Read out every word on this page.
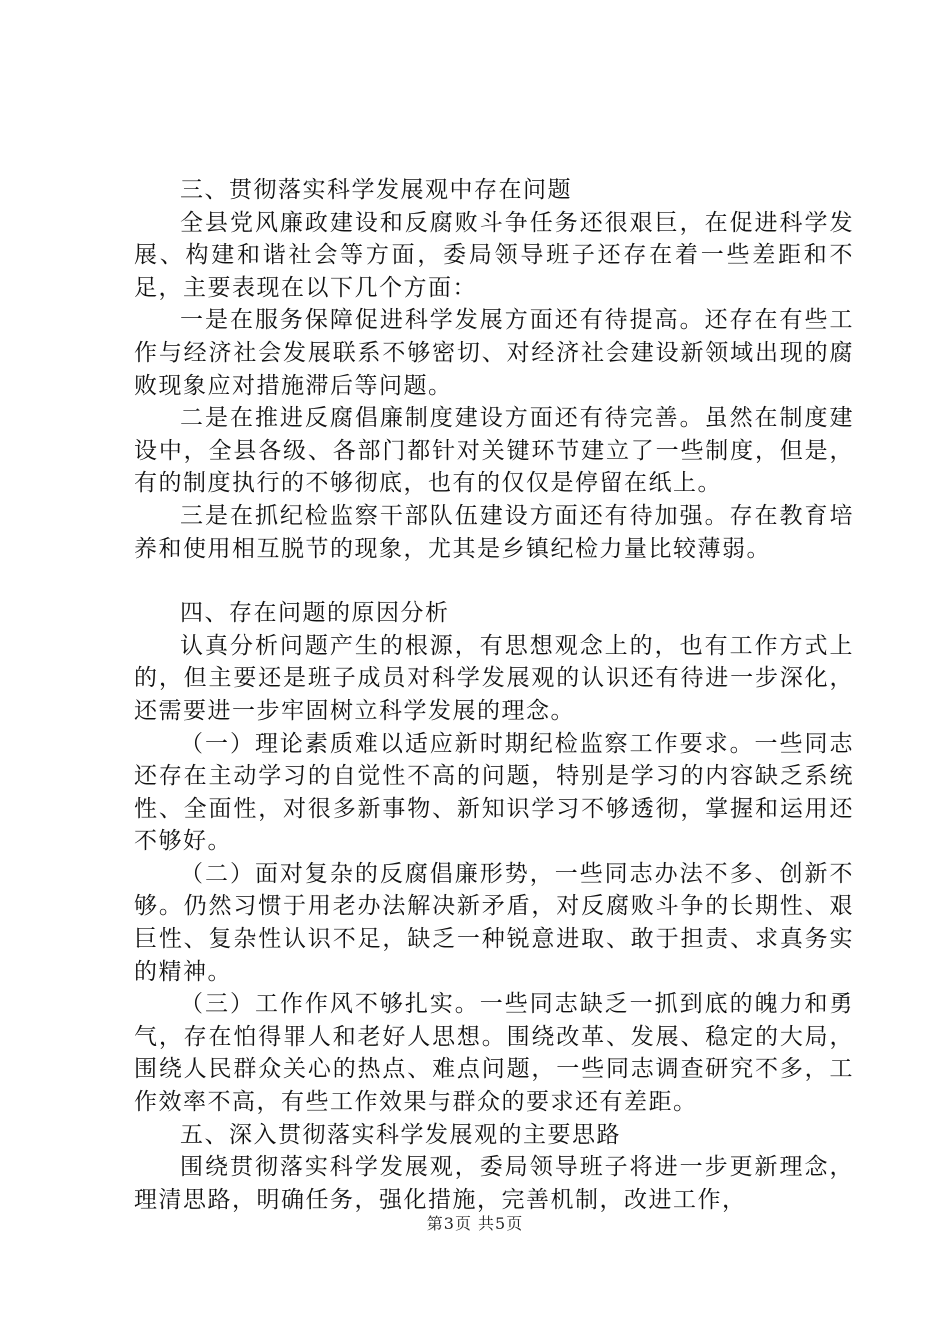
三、贯彻落实科学发展观中存在问题

全县党风廉政建设和反腐败斗争任务还很艰巨，在促进科学发展、构建和谐社会等方面，委局领导班子还存在着一些差距和不足，主要表现在以下几个方面：

一是在服务保障促进科学发展方面还有待提高。还存在有些工作与经济社会发展联系不够密切、对经济社会建设新领域出现的腐败现象应对措施滞后等问题。

二是在推进反腐倡廉制度建设方面还有待完善。虽然在制度建设中，全县各级、各部门都针对关键环节建立了一些制度，但是，有的制度执行的不够彻底，也有的仅仅是停留在纸上。

三是在抓纪检监察干部队伍建设方面还有待加强。存在教育培养和使用相互脱节的现象，尤其是乡镇纪检力量比较薄弱。

四、存在问题的原因分析

认真分析问题产生的根源，有思想观念上的，也有工作方式上的，但主要还是班子成员对科学发展观的认识还有待进一步深化，还需要进一步牢固树立科学发展的理念。

（一）理论素质难以适应新时期纪检监察工作要求。一些同志还存在主动学习的自觉性不高的问题，特别是学习的内容缺乏系统性、全面性，对很多新事物、新知识学习不够透彻，掌握和运用还不够好。

（二）面对复杂的反腐倡廉形势，一些同志办法不多、创新不够。仍然习惯于用老办法解决新矛盾，对反腐败斗争的长期性、艰巨性、复杂性认识不足，缺乏一种锐意进取、敢于担责、求真务实的精神。

（三）工作作风不够扎实。一些同志缺乏一抓到底的魄力和勇气，存在怕得罪人和老好人思想。围绕改革、发展、稳定的大局，围绕人民群众关心的热点、难点问题，一些同志调查研究不多，工作效率不高，有些工作效果与群众的要求还有差距。

五、深入贯彻落实科学发展观的主要思路

围绕贯彻落实科学发展观，委局领导班子将进一步更新理念，理清思路，明确任务，强化措施，完善机制，改进工作，

第3页 共5页
